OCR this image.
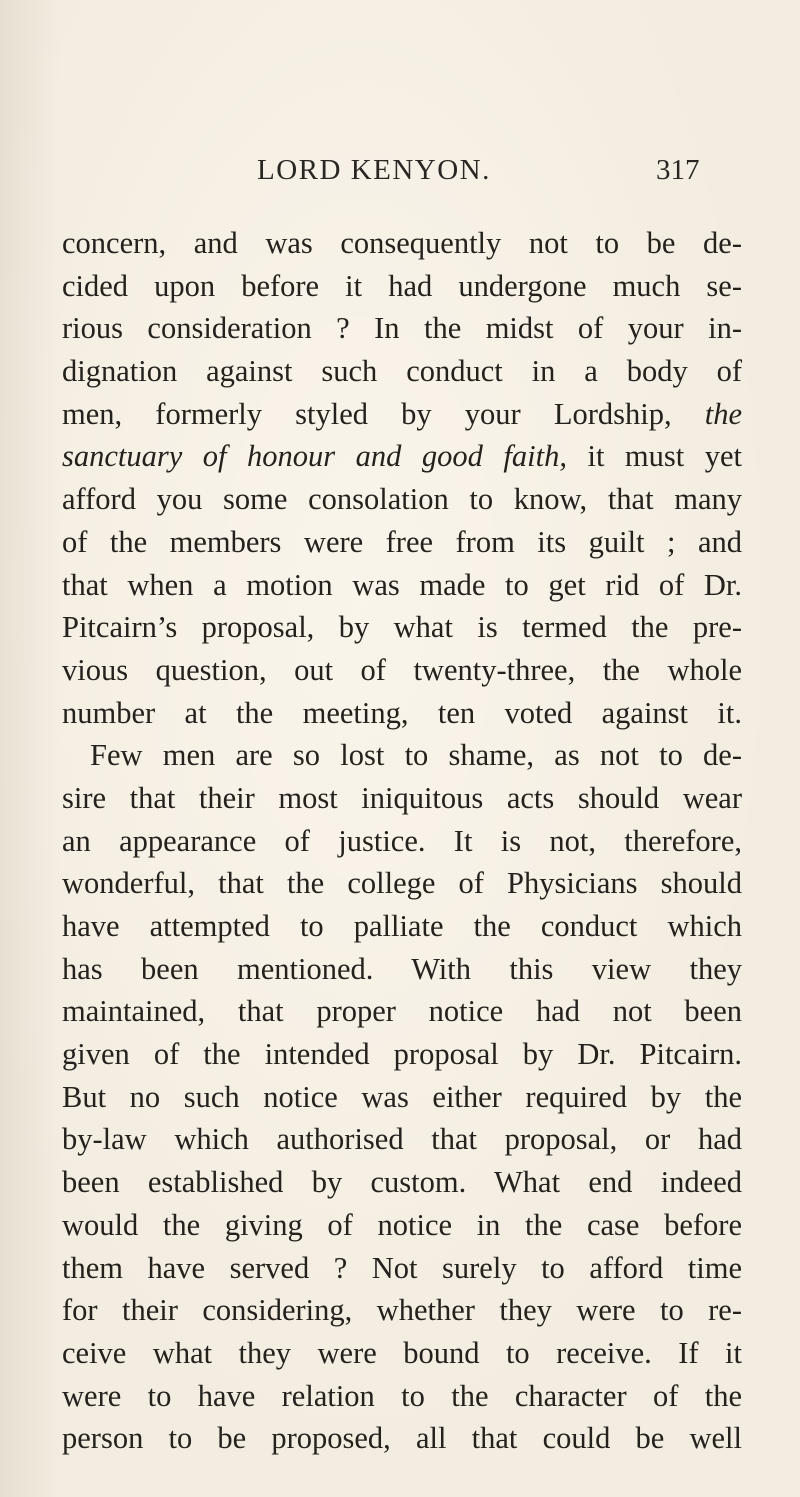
LORD KENYON.	317
concern, and was consequently not to be de-
cided upon before it had undergone much se-
rious consideration ? In the midst of your in-
dignation against such conduct in a body of
men, formerly styled by your Lordship, the
sanctuary of honour and good faith, it must yet
afford you some consolation to know, that many
of the members were free from its guilt ; and
that when a motion was made to get rid of Dr.
Pitcairn’s proposal, by what is termed the pre-
vious question, out of twenty-three, the whole
number at the meeting, ten voted against it.
Few men are so lost to shame, as not to de-
sire that their most iniquitous acts should wear
an appearance of justice. It is not, therefore,
wonderful, that the college of Physicians should
have attempted to palliate the conduct which
has been mentioned. With this view they
maintained, that proper notice had not been
given of the intended proposal by Dr. Pitcairn.
But no such notice was either required by the
by-law which authorised that proposal, or had
been established by custom. What end indeed
would the giving of notice in the case before
them have served ? Not surely to afford time
for their considering, whether they were to re-
ceive what they were bound to receive. If it
were to have relation to the character of the
person to be proposed, all that could be well
